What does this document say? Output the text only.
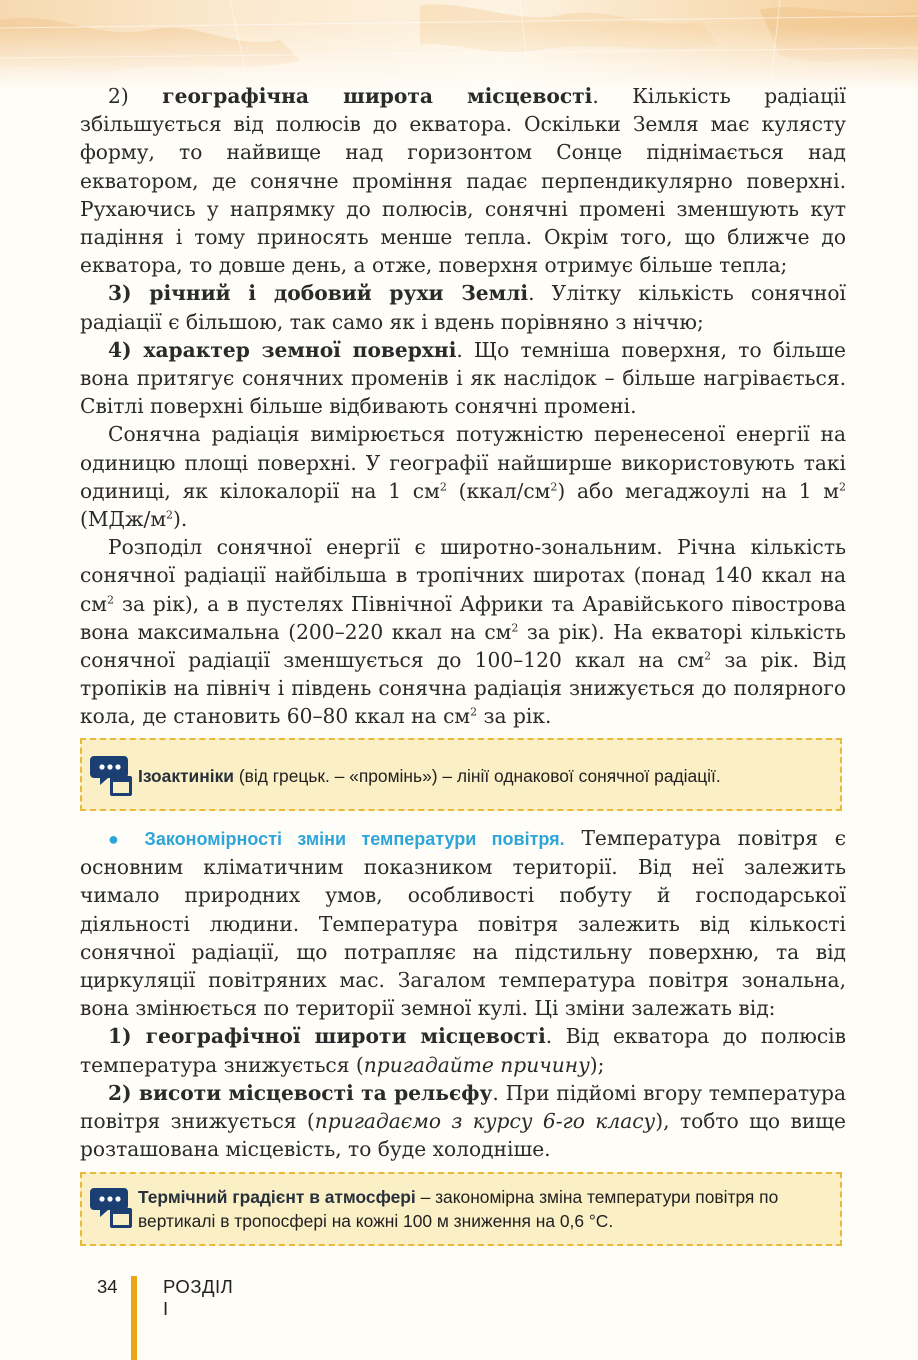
2) географічна широта місцевості. Кількість радіації збільшується від полюсів до екватора. Оскільки Земля має кулясту форму, то найвище над горизонтом Сонце піднімається над екватором, де сонячне проміння падає перпендикулярно поверхні. Рухаючись у напрямку до полюсів, сонячні промені зменшують кут падіння і тому приносять менше тепла. Окрім того, що ближче до екватора, то довше день, а отже, поверхня отримує більше тепла;

3) річний і добовий рухи Землі. Улітку кількість сонячної радіації є більшою, так само як і вдень порівняно з ніччю;

4) характер земної поверхні. Що темніша поверхня, то більше вона притягує сонячних променів і як наслідок – більше нагрівається. Світлі поверхні більше відбивають сонячні промені.

Сонячна радіація вимірюється потужністю перенесеної енергії на одиницю площі поверхні. У географії найширше використовують такі одиниці, як кілокалорії на 1 $см^2$ $(ккал/см^2)$ або мегаджоулі на 1 $м^2$ $(МДж/м^2)$.

Розподіл сонячної енергії є широтно-зональним. Річна кількість сонячної радіації найбільша в тропічних широтах (понад 140 ккал на $см^2$ за рік), а в пустелях Північної Африки та Аравійського півострова вона максимальна (200–220 ккал на $см^2$ за рік). На екваторі кількість сонячної радіації зменшується до 100–120 ккал на $см^2$ за рік. Від тропіків на північ і південь сонячна радіація знижується до полярного кола, де становить 60–80 ккал на $см^2$ за рік.

Ізоактиніки (від грецьк. – «промінь») – лінії однакової сонячної радіації.

● Закономірності зміни температури повітря. Температура повітря є основним кліматичним показником території. Від неї залежить чимало природних умов, особливості побуту й господарської діяльності людини. Температура повітря залежить від кількості сонячної радіації, що потрапляє на підстильну поверхню, та від циркуляції повітряних мас. Загалом температура повітря зональна, вона змінюється по території земної кулі. Ці зміни залежать від:

1) географічної широти місцевості. Від екватора до полюсів температура знижується (пригадайте причину);

2) висоти місцевості та рельєфу. При підйомі вгору температура повітря знижується (пригадаємо з курсу 6-го класу), тобто що вище розташована місцевість, то буде холодніше.

Термічний градієнт в атмосфері – закономірна зміна температури повітря по вертикалі в тропосфері на кожні 100 м зниження на 0,6 °С.
34 РОЗДІЛ І
